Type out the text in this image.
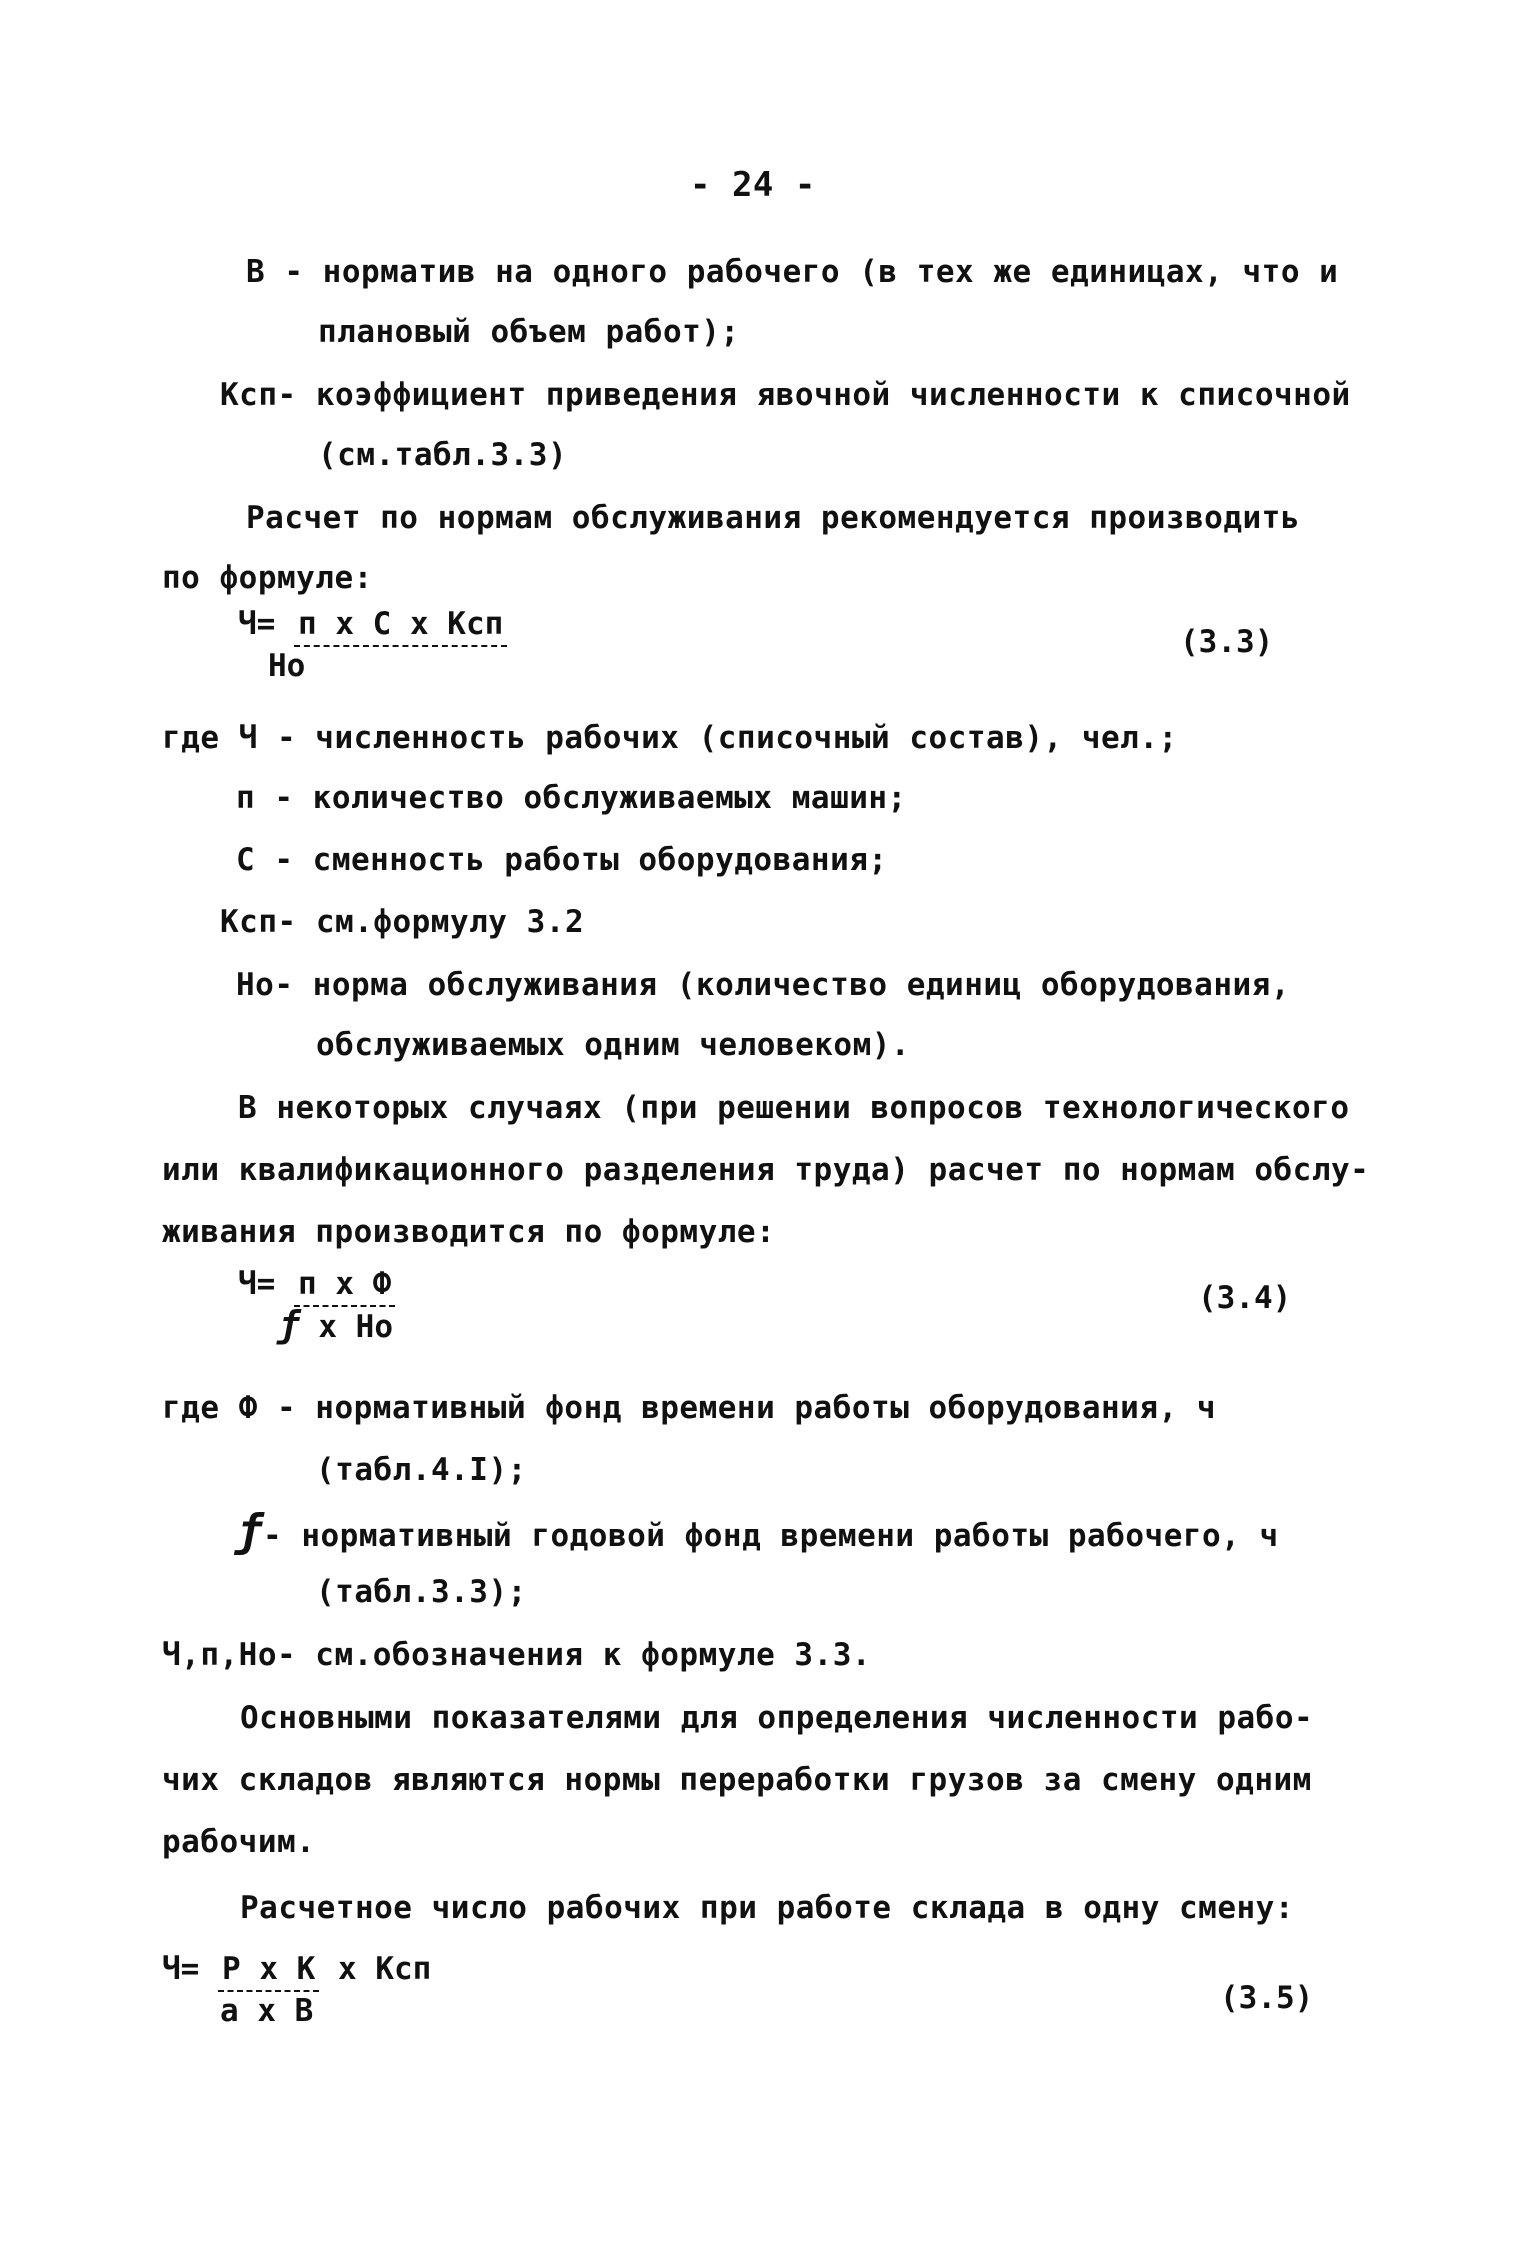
- 24 -
В - норматив на одного рабочего (в тех же единицах, что и
плановый объем работ);
Ксп- коэффициент приведения явочной численности к списочной
(см.табл.3.3)
Расчет по нормам обслуживания рекомендуется производить
по формуле:
Ч= п х С х Ксп
Но
(3.3)
где Ч - численность рабочих (списочный состав), чел.;
п - количество обслуживаемых машин;
С - сменность работы оборудования;
Ксп- см.формулу 3.2
Но- норма обслуживания (количество единиц оборудования,
обслуживаемых одним человеком).
В некоторых случаях (при решении вопросов технологического
или квалификационного разделения труда) расчет по нормам обслу-
живания производится по формуле:
Ч= п х Ф
ƒ х Но
(3.4)
где Ф - нормативный фонд времени работы оборудования, ч
(табл.4.I);
ƒ- нормативный годовой фонд времени работы рабочего, ч
(табл.3.3);
Ч,п,Но- см.обозначения к формуле 3.3.
Основными показателями для определения численности рабо-
чих складов являются нормы переработки грузов за смену одним
рабочим.
Расчетное число рабочих при работе склада в одну смену:
Ч= Р х К х Ксп
а х В	(3.5)
